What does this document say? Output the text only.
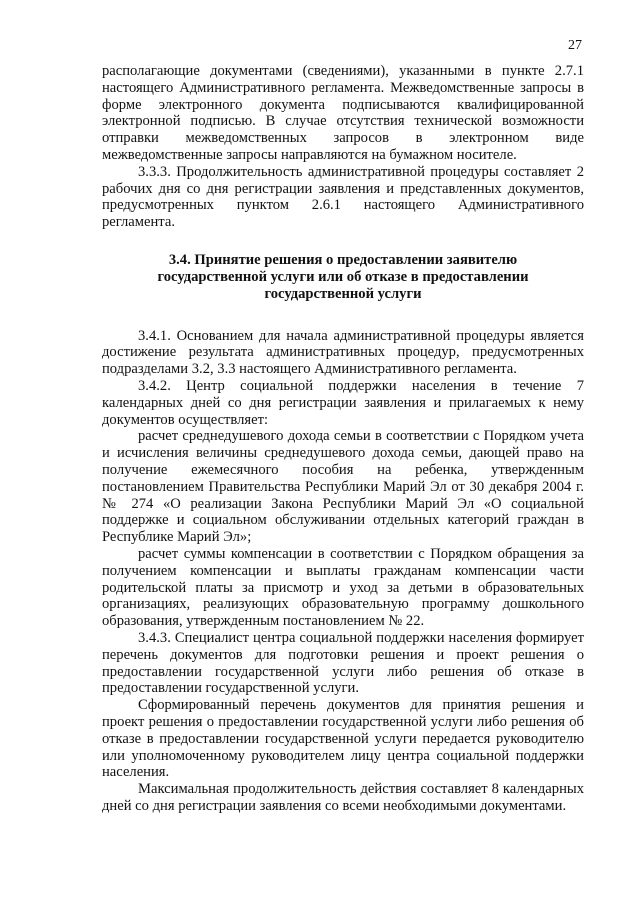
27

располагающие документами (сведениями), указанными в пункте 2.7.1 настоящего Административного регламента. Межведомственные запросы в форме электронного документа подписываются квалифицированной электронной подписью. В случае отсутствия технической возможности отправки межведомственных запросов в электронном виде межведомственные запросы направляются на бумажном носителе.

3.3.3. Продолжительность административной процедуры составляет 2 рабочих дня со дня регистрации заявления и представленных документов, предусмотренных пунктом 2.6.1 настоящего Административного регламента.

3.4. Принятие решения о предоставлении заявителю
государственной услуги или об отказе в предоставлении
государственной услуги

3.4.1. Основанием для начала административной процедуры является достижение результата административных процедур, предусмотренных подразделами 3.2, 3.3 настоящего Административного регламента.

3.4.2. Центр социальной поддержки населения в течение 7 календарных дней со дня регистрации заявления и прилагаемых к нему документов осуществляет:

расчет среднедушевого дохода семьи в соответствии с Порядком учета и исчисления величины среднедушевого дохода семьи, дающей право на получение ежемесячного пособия на ребенка, утвержденным постановлением Правительства Республики Марий Эл от 30 декабря 2004 г. № 274 «О реализации Закона Республики Марий Эл «О социальной поддержке и социальном обслуживании отдельных категорий граждан в Республике Марий Эл»;

расчет суммы компенсации в соответствии с Порядком обращения за получением компенсации и выплаты гражданам компенсации части родительской платы за присмотр и уход за детьми в образовательных организациях, реализующих образовательную программу дошкольного образования, утвержденным постановлением № 22.

3.4.3. Специалист центра социальной поддержки населения формирует перечень документов для подготовки решения и проект решения о предоставлении государственной услуги либо решения об отказе в предоставлении государственной услуги.

Сформированный перечень документов для принятия решения и проект решения о предоставлении государственной услуги либо решения об отказе в предоставлении государственной услуги передается руководителю или уполномоченному руководителем лицу центра социальной поддержки населения.

Максимальная продолжительность действия составляет 8 календарных дней со дня регистрации заявления со всеми необходимыми документами.
